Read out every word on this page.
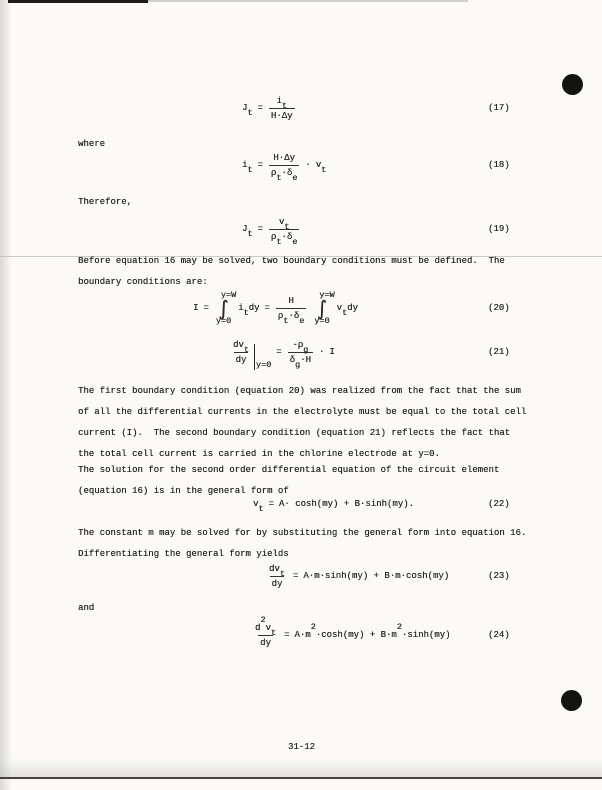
$J_t$
= $\frac{i_t}{H\cdot\Delta y}$	(17)
where
$i_t$
= $\frac{H\cdot\Delta y}{\rho_t\cdot\delta_e} \cdot v_t$
(18)
Therefore,
$J_t$
= $\frac{v_t}{\rho_t\cdot\delta_e}$	(19)
Before equation 16 may be solved, two boundary conditions must be defined.  The
boundary conditions are:
I =
y=W
∫
y=0
$i_tdy = \frac{H}{\rho_t\cdot\delta_e} y=W$
∫
y=0
$v_tdy$	(20)
$\frac{dv_t}{dy} y=0$
= $\frac{-\rho_g}{\delta_g\cdot H} \cdot I$	(21)
The first boundary condition (equation 20) was realized from the fact that the sum
of all the differential currents in the electrolyte must be equal to the total cell
current (I).  The second boundary condition (equation 21) reflects the fact that
the total cell current is carried in the chlorine electrode at y=0.
The solution for the second order differential equation of the circuit element
(equation 16) is in the general form of
$v_t$
= A· cosh(my) + B·sinh(my).	(22)
The constant m may be solved for by substituting the general form into equation 16.
Differentiating the general form yields
$\frac{dv_t}{dy} = A\cdot m\cdot\sinh(my) + B\cdot m\cdot\cosh(my)$	(23)
and
$\frac{d^2v_t}{dy} = A\cdot m^2\cdot\cosh(my) + B\cdot m^2\cdot\sinh(my)$	(24)
31-12
